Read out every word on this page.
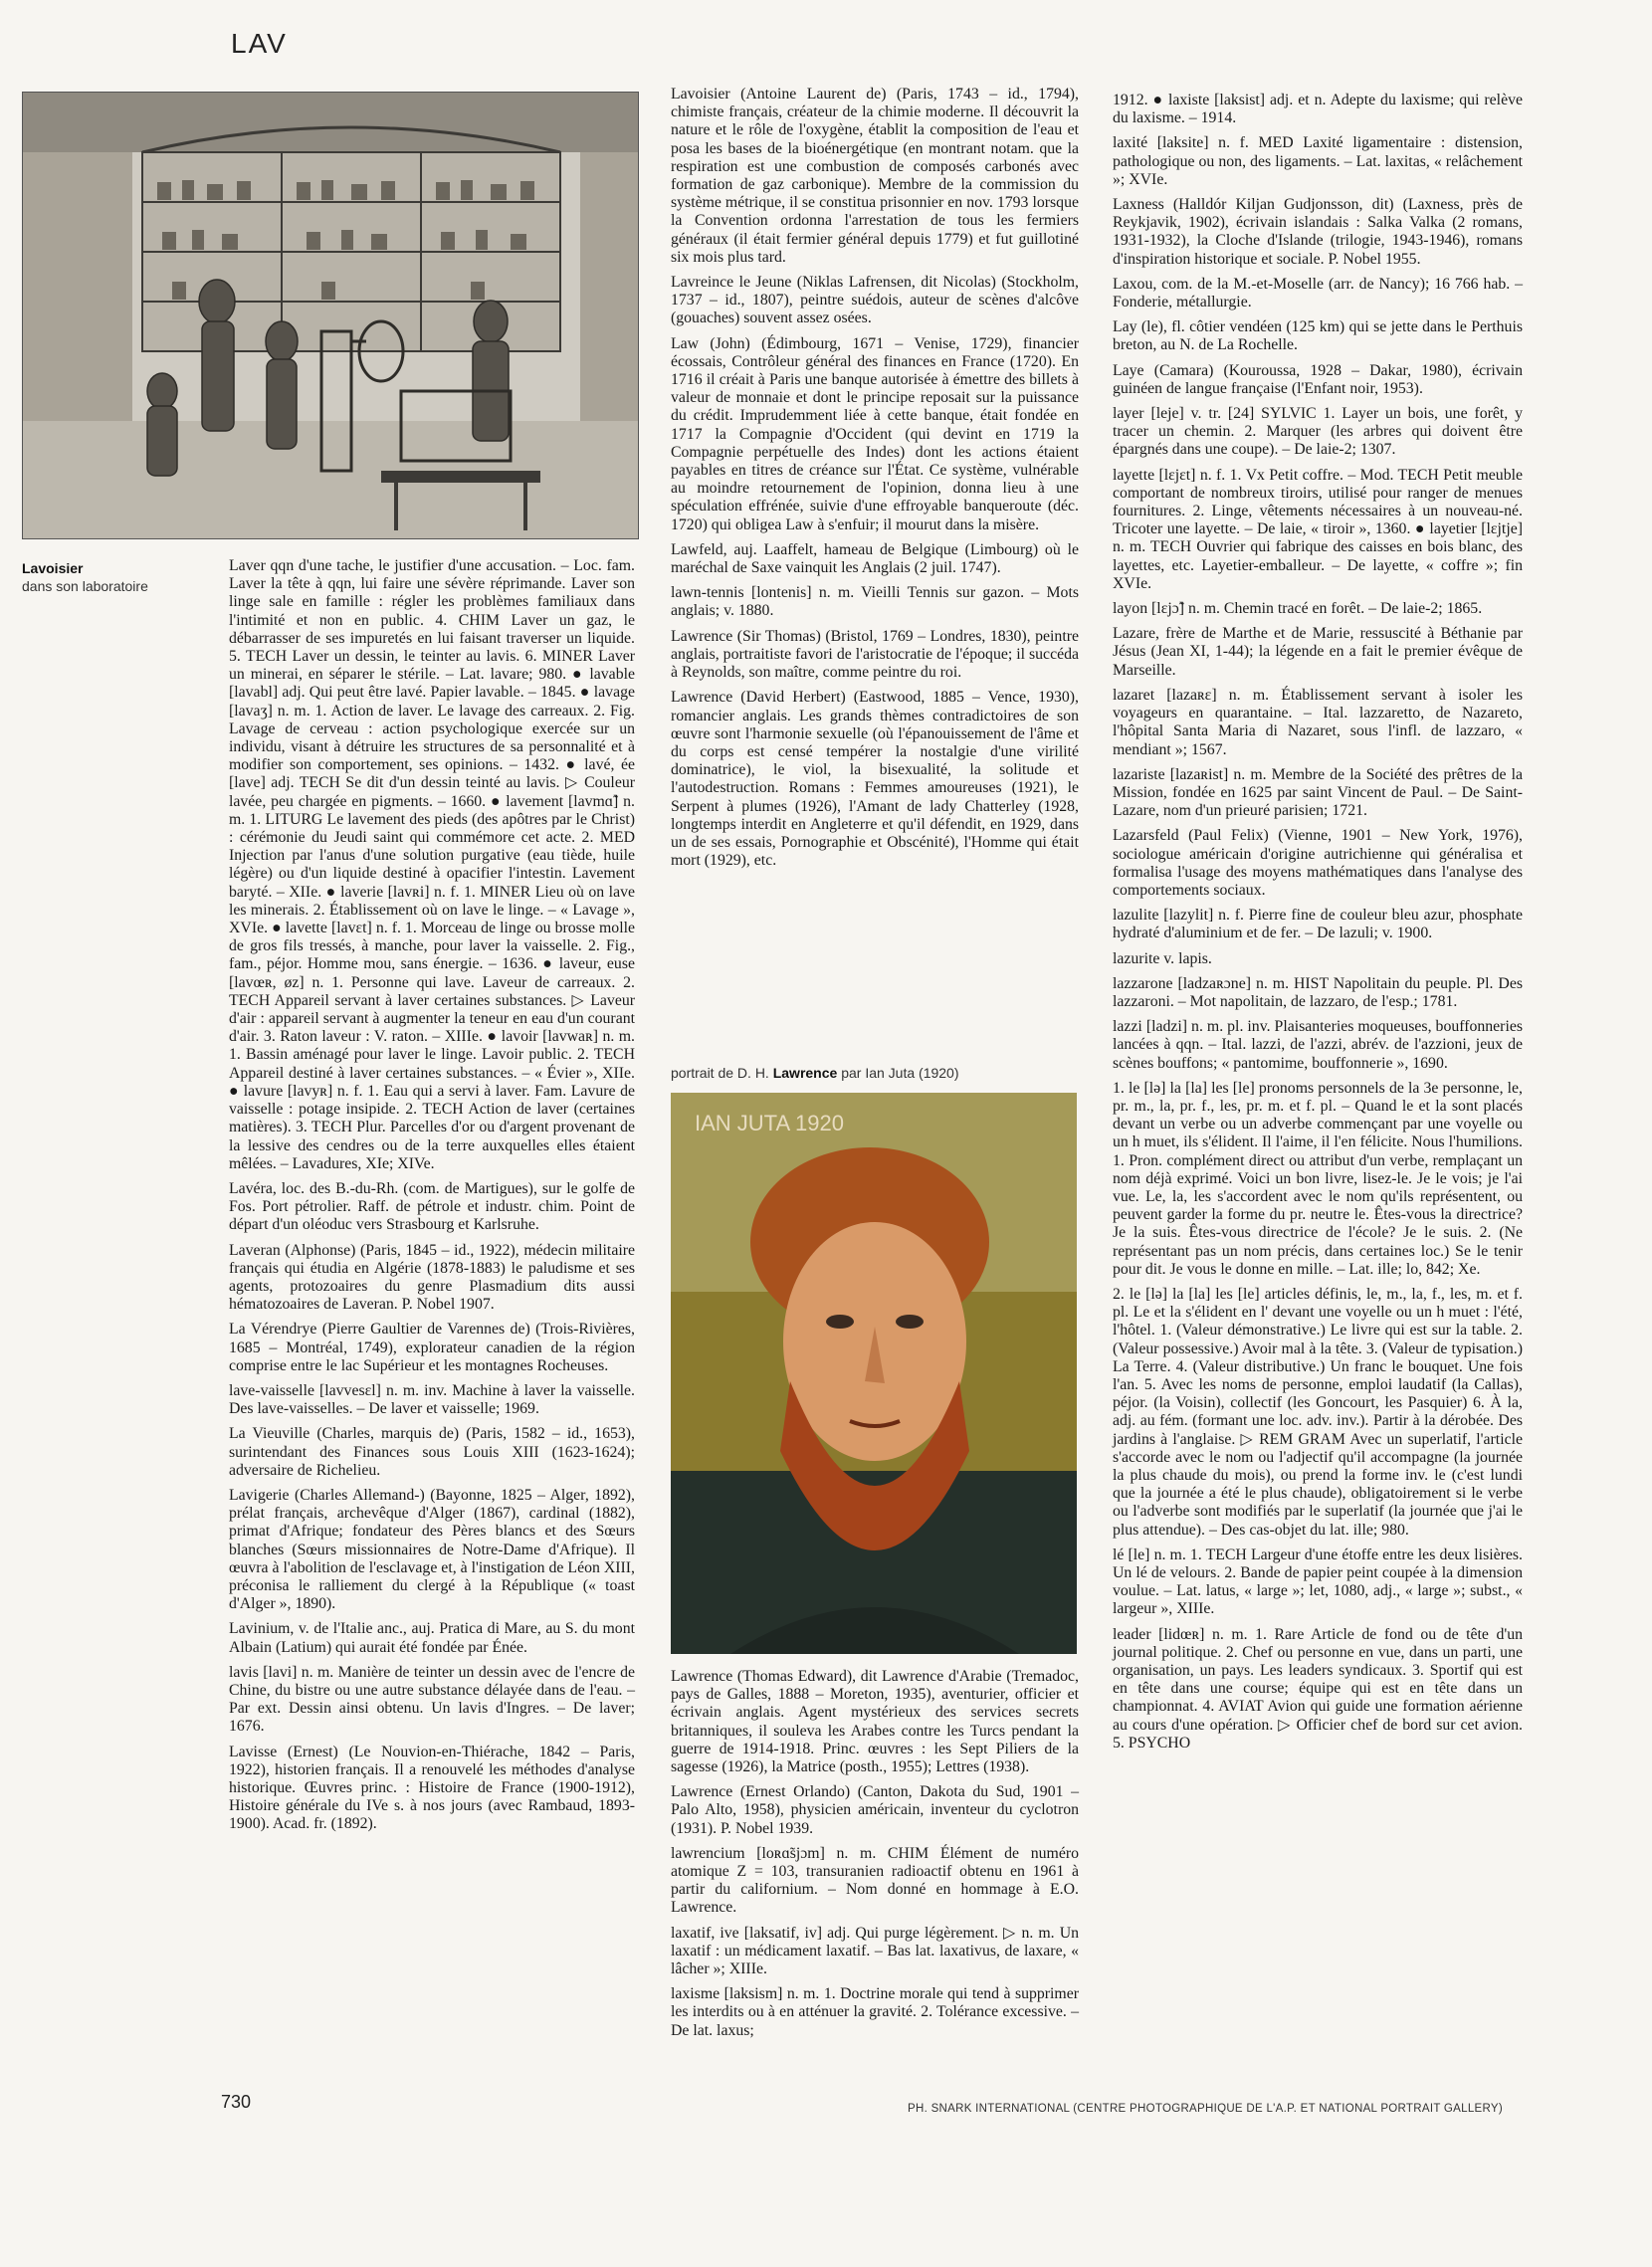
LAV
Lavoisier
dans son laboratoire

Laver qqn d'une tache, le justifier d'une accusation. – Loc. fam. Laver la tête à qqn, lui faire une sévère réprimande. Laver son linge sale en famille : régler les problèmes familiaux dans l'intimité et non en public. 4. CHIM Laver un gaz, le débarrasser de ses impuretés en lui faisant traverser un liquide. 5. TECH Laver un dessin, le teinter au lavis. 6. MINER Laver un minerai, en séparer le stérile. – Lat. lavare; 980. ● lavable [lavabl] adj. Qui peut être lavé. Papier lavable. – 1845. ● lavage [lavaʒ] n. m. 1. Action de laver. Le lavage des carreaux. 2. Fig. Lavage de cerveau : action psychologique exercée sur un individu, visant à détruire les structures de sa personnalité et à modifier son comportement, ses opinions. – 1432. ● lavé, ée [lave] adj. TECH Se dit d'un dessin teinté au lavis. ▷ Couleur lavée, peu chargée en pigments. – 1660. ● lavement [lavmɑ̃] n. m. 1. LITURG Le lavement des pieds (des apôtres par le Christ) : cérémonie du Jeudi saint qui commémore cet acte. 2. MED Injection par l'anus d'une solution purgative (eau tiède, huile légère) ou d'un liquide destiné à opacifier l'intestin. Lavement baryté. – XIIe. ● laverie [lavʀi] n. f. 1. MINER Lieu où on lave les minerais. 2. Établissement où on lave le linge. – « Lavage », XVIe. ● lavette [lavɛt] n. f. 1. Morceau de linge ou brosse molle de gros fils tressés, à manche, pour laver la vaisselle. 2. Fig., fam., péjor. Homme mou, sans énergie. – 1636. ● laveur, euse [lavœʀ, øz] n. 1. Personne qui lave. Laveur de carreaux. 2. TECH Appareil servant à laver certaines substances. ▷ Laveur d'air : appareil servant à augmenter la teneur en eau d'un courant d'air. 3. Raton laveur : V. raton. – XIIIe. ● lavoir [lavwaʀ] n. m. 1. Bassin aménagé pour laver le linge. Lavoir public. 2. TECH Appareil destiné à laver certaines substances. – « Évier », XIIe. ● lavure [lavyʀ] n. f. 1. Eau qui a servi à laver. Fam. Lavure de vaisselle : potage insipide. 2. TECH Action de laver (certaines matières). 3. TECH Plur. Parcelles d'or ou d'argent provenant de la lessive des cendres ou de la terre auxquelles elles étaient mêlées. – Lavadures, XIe; XIVe.

Lavéra, loc. des B.-du-Rh. (com. de Martigues), sur le golfe de Fos. Port pétrolier. Raff. de pétrole et industr. chim. Point de départ d'un oléoduc vers Strasbourg et Karlsruhe.

Laveran (Alphonse) (Paris, 1845 – id., 1922), médecin militaire français qui étudia en Algérie (1878-1883) le paludisme et ses agents, protozoaires du genre Plasmadium dits aussi hématozoaires de Laveran. P. Nobel 1907.

La Vérendrye (Pierre Gaultier de Varennes de) (Trois-Rivières, 1685 – Montréal, 1749), explorateur canadien de la région comprise entre le lac Supérieur et les montagnes Rocheuses.

lave-vaisselle [lavvesɛl] n. m. inv. Machine à laver la vaisselle. Des lave-vaisselles. – De laver et vaisselle; 1969.

La Vieuville (Charles, marquis de) (Paris, 1582 – id., 1653), surintendant des Finances sous Louis XIII (1623-1624); adversaire de Richelieu.

Lavigerie (Charles Allemand-) (Bayonne, 1825 – Alger, 1892), prélat français, archevêque d'Alger (1867), cardinal (1882), primat d'Afrique; fondateur des Pères blancs et des Sœurs blanches (Sœurs missionnaires de Notre-Dame d'Afrique). Il œuvra à l'abolition de l'esclavage et, à l'instigation de Léon XIII, préconisa le ralliement du clergé à la République (« toast d'Alger », 1890).

Lavinium, v. de l'Italie anc., auj. Pratica di Mare, au S. du mont Albain (Latium) qui aurait été fondée par Énée.

lavis [lavi] n. m. Manière de teinter un dessin avec de l'encre de Chine, du bistre ou une autre substance délayée dans de l'eau. – Par ext. Dessin ainsi obtenu. Un lavis d'Ingres. – De laver; 1676.

Lavisse (Ernest) (Le Nouvion-en-Thiérache, 1842 – Paris, 1922), historien français. Il a renouvelé les méthodes d'analyse historique. Œuvres princ. : Histoire de France (1900-1912), Histoire générale du IVe s. à nos jours (avec Rambaud, 1893-1900). Acad. fr. (1892).

Lavoisier (Antoine Laurent de) (Paris, 1743 – id., 1794), chimiste français, créateur de la chimie moderne. Il découvrit la nature et le rôle de l'oxygène, établit la composition de l'eau et posa les bases de la bioénergétique (en montrant notam. que la respiration est une combustion de composés carbonés avec formation de gaz carbonique). Membre de la commission du système métrique, il se constitua prisonnier en nov. 1793 lorsque la Convention ordonna l'arrestation de tous les fermiers généraux (il était fermier général depuis 1779) et fut guillotiné six mois plus tard.

Lavreince le Jeune (Niklas Lafrensen, dit Nicolas) (Stockholm, 1737 – id., 1807), peintre suédois, auteur de scènes d'alcôve (gouaches) souvent assez osées.

Law (John) (Édimbourg, 1671 – Venise, 1729), financier écossais, Contrôleur général des finances en France (1720). En 1716 il créait à Paris une banque autorisée à émettre des billets à valeur de monnaie et dont le principe reposait sur la puissance du crédit. Imprudemment liée à cette banque, était fondée en 1717 la Compagnie d'Occident (qui devint en 1719 la Compagnie perpétuelle des Indes) dont les actions étaient payables en titres de créance sur l'État. Ce système, vulnérable au moindre retournement de l'opinion, donna lieu à une spéculation effrénée, suivie d'une effroyable banqueroute (déc. 1720) qui obligea Law à s'enfuir; il mourut dans la misère.

Lawfeld, auj. Laaffelt, hameau de Belgique (Limbourg) où le maréchal de Saxe vainquit les Anglais (2 juil. 1747).

lawn-tennis [lontenis] n. m. Vieilli Tennis sur gazon. – Mots anglais; v. 1880.

Lawrence (Sir Thomas) (Bristol, 1769 – Londres, 1830), peintre anglais, portraitiste favori de l'aristocratie de l'époque; il succéda à Reynolds, son maître, comme peintre du roi.

Lawrence (David Herbert) (Eastwood, 1885 – Vence, 1930), romancier anglais. Les grands thèmes contradictoires de son œuvre sont l'harmonie sexuelle (où l'épanouissement de l'âme et du corps est censé tempérer la nostalgie d'une virilité dominatrice), le viol, la bisexualité, la solitude et l'autodestruction. Romans : Femmes amoureuses (1921), le Serpent à plumes (1926), l'Amant de lady Chatterley (1928, longtemps interdit en Angleterre et qu'il défendit, en 1929, dans un de ses essais, Pornographie et Obscénité), l'Homme qui était mort (1929), etc.

portrait de D. H. Lawrence par Ian Juta (1920)
IAN JUTA 1920

Lawrence (Thomas Edward), dit Lawrence d'Arabie (Tremadoc, pays de Galles, 1888 – Moreton, 1935), aventurier, officier et écrivain anglais. Agent mystérieux des services secrets britanniques, il souleva les Arabes contre les Turcs pendant la guerre de 1914-1918. Princ. œuvres : les Sept Piliers de la sagesse (1926), la Matrice (posth., 1955); Lettres (1938).

Lawrence (Ernest Orlando) (Canton, Dakota du Sud, 1901 – Palo Alto, 1958), physicien américain, inventeur du cyclotron (1931). P. Nobel 1939.

lawrencium [loʀɑ̃sjɔm] n. m. CHIM Élément de numéro atomique Z = 103, transuranien radioactif obtenu en 1961 à partir du californium. – Nom donné en hommage à E.O. Lawrence.

laxatif, ive [laksatif, iv] adj. Qui purge légèrement. ▷ n. m. Un laxatif : un médicament laxatif. – Bas lat. laxativus, de laxare, « lâcher »; XIIIe.

laxisme [laksism] n. m. 1. Doctrine morale qui tend à supprimer les interdits ou à en atténuer la gravité. 2. Tolérance excessive. – De lat. laxus;

1912. ● laxiste [laksist] adj. et n. Adepte du laxisme; qui relève du laxisme. – 1914.

laxité [laksite] n. f. MED Laxité ligamentaire : distension, pathologique ou non, des ligaments. – Lat. laxitas, « relâchement »; XVIe.

Laxness (Halldór Kiljan Gudjonsson, dit) (Laxness, près de Reykjavik, 1902), écrivain islandais : Salka Valka (2 romans, 1931-1932), la Cloche d'Islande (trilogie, 1943-1946), romans d'inspiration historique et sociale. P. Nobel 1955.

Laxou, com. de la M.-et-Moselle (arr. de Nancy); 16 766 hab. – Fonderie, métallurgie.

Lay (le), fl. côtier vendéen (125 km) qui se jette dans le Perthuis breton, au N. de La Rochelle.

Laye (Camara) (Kouroussa, 1928 – Dakar, 1980), écrivain guinéen de langue française (l'Enfant noir, 1953).

layer [leje] v. tr. [24] SYLVIC 1. Layer un bois, une forêt, y tracer un chemin. 2. Marquer (les arbres qui doivent être épargnés dans une coupe). – De laie-2; 1307.

layette [lɛjɛt] n. f. 1. Vx Petit coffre. – Mod. TECH Petit meuble comportant de nombreux tiroirs, utilisé pour ranger de menues fournitures. 2. Linge, vêtements nécessaires à un nouveau-né. Tricoter une layette. – De laie, « tiroir », 1360. ● layetier [lɛjtje] n. m. TECH Ouvrier qui fabrique des caisses en bois blanc, des layettes, etc. Layetier-emballeur. – De layette, « coffre »; fin XVIe.

layon [lɛjɔ̃] n. m. Chemin tracé en forêt. – De laie-2; 1865.

Lazare, frère de Marthe et de Marie, ressuscité à Béthanie par Jésus (Jean XI, 1-44); la légende en a fait le premier évêque de Marseille.

lazaret [lazaʀɛ] n. m. Établissement servant à isoler les voyageurs en quarantaine. – Ital. lazzaretto, de Nazareto, l'hôpital Santa Maria di Nazaret, sous l'infl. de lazzaro, « mendiant »; 1567.

lazariste [lazaʀist] n. m. Membre de la Société des prêtres de la Mission, fondée en 1625 par saint Vincent de Paul. – De Saint-Lazare, nom d'un prieuré parisien; 1721.

Lazarsfeld (Paul Felix) (Vienne, 1901 – New York, 1976), sociologue américain d'origine autrichienne qui généralisa et formalisa l'usage des moyens mathématiques dans l'analyse des comportements sociaux.

lazulite [lazylit] n. f. Pierre fine de couleur bleu azur, phosphate hydraté d'aluminium et de fer. – De lazuli; v. 1900.

lazurite v. lapis.

lazzarone [ladzaʀɔne] n. m. HIST Napolitain du peuple. Pl. Des lazzaroni. – Mot napolitain, de lazzaro, de l'esp.; 1781.

lazzi [ladzi] n. m. pl. inv. Plaisanteries moqueuses, bouffonneries lancées à qqn. – Ital. lazzi, de l'azzi, abrév. de l'azzioni, jeux de scènes bouffons; « pantomime, bouffonnerie », 1690.

1. le [lə] la [la] les [le] pronoms personnels de la 3e personne, le, pr. m., la, pr. f., les, pr. m. et f. pl. – Quand le et la sont placés devant un verbe ou un adverbe commençant par une voyelle ou un h muet, ils s'élident. Il l'aime, il l'en félicite. Nous l'humilions. 1. Pron. complément direct ou attribut d'un verbe, remplaçant un nom déjà exprimé. Voici un bon livre, lisez-le. Je le vois; je l'ai vue. Le, la, les s'accordent avec le nom qu'ils représentent, ou peuvent garder la forme du pr. neutre le. Êtes-vous la directrice? Je la suis. Êtes-vous directrice de l'école? Je le suis. 2. (Ne représentant pas un nom précis, dans certaines loc.) Se le tenir pour dit. Je vous le donne en mille. – Lat. ille; lo, 842; Xe.

2. le [lə] la [la] les [le] articles définis, le, m., la, f., les, m. et f. pl. Le et la s'élident en l' devant une voyelle ou un h muet : l'été, l'hôtel. 1. (Valeur démonstrative.) Le livre qui est sur la table. 2. (Valeur possessive.) Avoir mal à la tête. 3. (Valeur de typisation.) La Terre. 4. (Valeur distributive.) Un franc le bouquet. Une fois l'an. 5. Avec les noms de personne, emploi laudatif (la Callas), péjor. (la Voisin), collectif (les Goncourt, les Pasquier) 6. À la, adj. au fém. (formant une loc. adv. inv.). Partir à la dérobée. Des jardins à l'anglaise. ▷ REM GRAM Avec un superlatif, l'article s'accorde avec le nom ou l'adjectif qu'il accompagne (la journée la plus chaude du mois), ou prend la forme inv. le (c'est lundi que la journée a été le plus chaude), obligatoirement si le verbe ou l'adverbe sont modifiés par le superlatif (la journée que j'ai le plus attendue). – Des cas-objet du lat. ille; 980.

lé [le] n. m. 1. TECH Largeur d'une étoffe entre les deux lisières. Un lé de velours. 2. Bande de papier peint coupée à la dimension voulue. – Lat. latus, « large »; let, 1080, adj., « large »; subst., « largeur », XIIIe.

leader [lidœʀ] n. m. 1. Rare Article de fond ou de tête d'un journal politique. 2. Chef ou personne en vue, dans un parti, une organisation, un pays. Les leaders syndicaux. 3. Sportif qui est en tête dans une course; équipe qui est en tête dans un championnat. 4. AVIAT Avion qui guide une formation aérienne au cours d'une opération. ▷ Officier chef de bord sur cet avion. 5. PSYCHO

730	PH. SNARK INTERNATIONAL (CENTRE PHOTOGRAPHIQUE DE L'A.P. ET NATIONAL PORTRAIT GALLERY)
